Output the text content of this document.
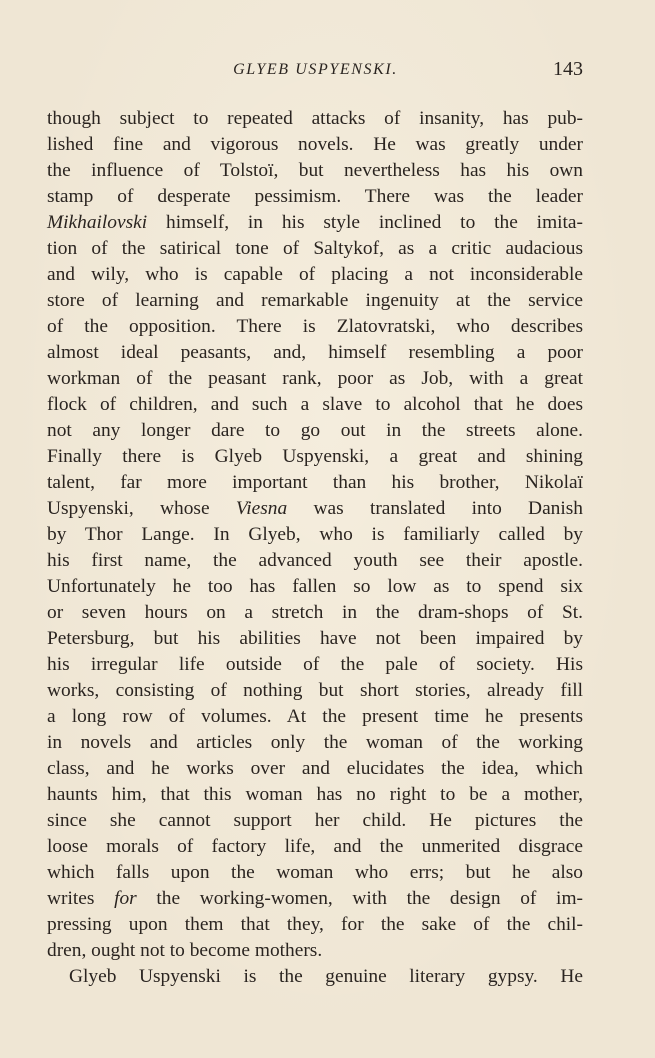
GLYEB USPYENSKI.	143
though subject to repeated attacks of insanity, has pub-
lished fine and vigorous novels. He was greatly under
the influence of Tolstoï, but nevertheless has his own
stamp of desperate pessimism. There was the leader
Mikhailovski himself, in his style inclined to the imita-
tion of the satirical tone of Saltykof, as a critic audacious
and wily, who is capable of placing a not inconsiderable
store of learning and remarkable ingenuity at the service
of the opposition. There is Zlatovratski, who describes
almost ideal peasants, and, himself resembling a poor
workman of the peasant rank, poor as Job, with a great
flock of children, and such a slave to alcohol that he does
not any longer dare to go out in the streets alone.
Finally there is Glyeb Uspyenski, a great and shining
talent, far more important than his brother, Nikolaï
Uspyenski, whose Viesna was translated into Danish
by Thor Lange. In Glyeb, who is familiarly called by
his first name, the advanced youth see their apostle.
Unfortunately he too has fallen so low as to spend six
or seven hours on a stretch in the dram-shops of St.
Petersburg, but his abilities have not been impaired by
his irregular life outside of the pale of society. His
works, consisting of nothing but short stories, already fill
a long row of volumes. At the present time he presents
in novels and articles only the woman of the working
class, and he works over and elucidates the idea, which
haunts him, that this woman has no right to be a mother,
since she cannot support her child. He pictures the
loose morals of factory life, and the unmerited disgrace
which falls upon the woman who errs; but he also
writes for the working-women, with the design of im-
pressing upon them that they, for the sake of the chil-
dren, ought not to become mothers.
Glyeb Uspyenski is the genuine literary gypsy. He
